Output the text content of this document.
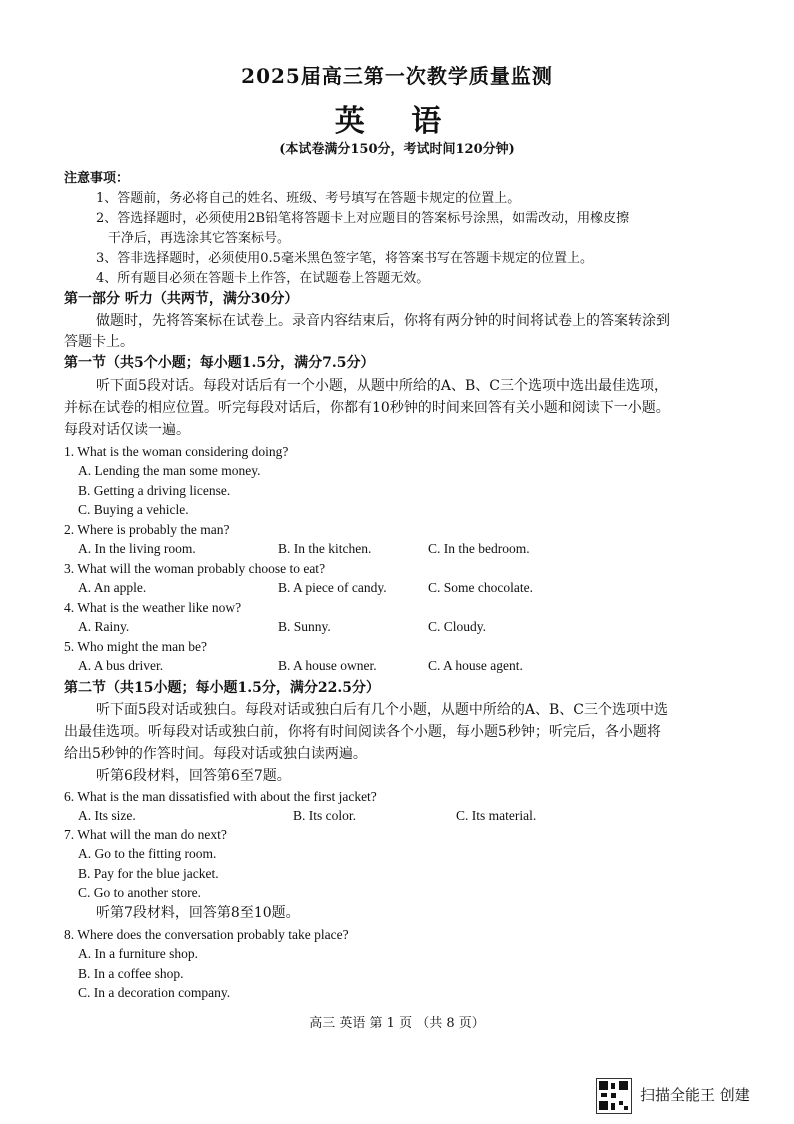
2025届高三第一次教学质量监测
英 语
(本试卷满分150分，考试时间120分钟)
注意事项：
1、答题前，务必将自己的姓名、班级、考号填写在答题卡规定的位置上。
2、答选择题时，必须使用2B铅笔将答题卡上对应题目的答案标号涂黑，如需改动，用橡皮擦
干净后，再选涂其它答案标号。
3、答非选择题时，必须使用0.5毫米黑色签字笔，将答案书写在答题卡规定的位置上。
4、所有题目必须在答题卡上作答，在试题卷上答题无效。
第一部分 听力（共两节，满分30分）
做题时，先将答案标在试卷上。录音内容结束后，你将有两分钟的时间将试卷上的答案转涂到
答题卡上。
第一节（共5个小题；每小题1.5分，满分7.5分）
听下面5段对话。每段对话后有一个小题，从题中所给的A、B、C三个选项中选出最佳选项，
并标在试卷的相应位置。听完每段对话后，你都有10秒钟的时间来回答有关小题和阅读下一小题。
每段对话仅读一遍。
1. What is the woman considering doing?
A. Lending the man some money.
B. Getting a driving license.
C. Buying a vehicle.
2. Where is probably the man?
A. In the living room.	B. In the kitchen.	C. In the bedroom.
3. What will the woman probably choose to eat?
A. An apple.	B. A piece of candy.	C. Some chocolate.
4. What is the weather like now?
A. Rainy.	B. Sunny.	C. Cloudy.
5. Who might the man be?
A. A bus driver.	B. A house owner.	C. A house agent.
第二节（共15小题；每小题1.5分，满分22.5分）
听下面5段对话或独白。每段对话或独白后有几个小题，从题中所给的A、B、C三个选项中选
出最佳选项。听每段对话或独白前，你将有时间阅读各个小题，每小题5秒钟；听完后，各小题将
给出5秒钟的作答时间。每段对话或独白读两遍。
听第6段材料，回答第6至7题。
6. What is the man dissatisfied with about the first jacket?
A. Its size.	B. Its color.	C. Its material.
7. What will the man do next?
A. Go to the fitting room.
B. Pay for the blue jacket.
C. Go to another store.
听第7段材料，回答第8至10题。
8. Where does the conversation probably take place?
A. In a furniture shop.
B. In a coffee shop.
C. In a decoration company.
高三 英语 第 1 页 （共 8 页）
扫描全能王 创建
